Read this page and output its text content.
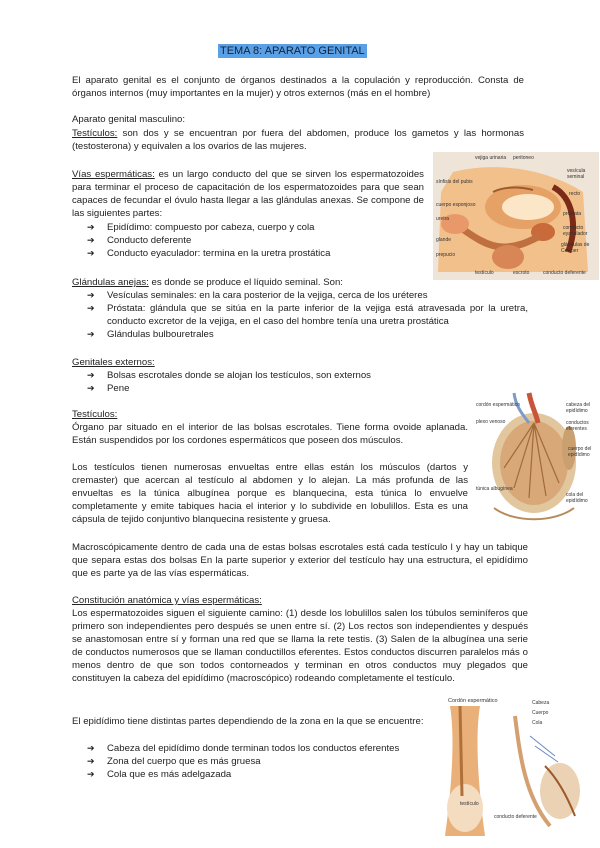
TEMA 8: APARATO GENITAL

El aparato genital es el conjunto de órganos destinados a la copulación y reproducción. Consta de órganos internos (muy importantes en la mujer) y otros externos (más en el hombre)

Aparato genital masculino:

Testículos: son dos y se encuentran por fuera del abdomen, produce los gametos y las hormonas (testosterona) y equivalen a los ovarios de las mujeres.

Vías espermáticas: es un largo conducto del que se sirven los espermatozoides para terminar el proceso de capacitación de los espermatozoides para que sean capaces de fecundar el óvulo hasta llegar a las glándulas anexas. Se compone de las siguientes partes:

➔ Epidídimo: compuesto por cabeza, cuerpo y cola
➔ Conducto deferente
➔ Conducto eyaculador: termina en la uretra prostática

Glándulas anejas: es donde se produce el líquido seminal. Son:

➔ Vesículas seminales: en la cara posterior de la vejiga, cerca de los uréteres
➔ Próstata: glándula que se sitúa en la parte inferior de la vejiga está atravesada por la uretra, conducto excretor de la vejiga, en el caso del hombre tenía una uretra prostática
➔ Glándulas bulbouretrales

Genitales externos:

➔ Bolsas escrotales donde se alojan los testículos, son externos
➔ Pene

Testículos:

Órgano par situado en el interior de las bolsas escrotales. Tiene forma ovoide aplanada. Están suspendidos por los cordones espermáticos que poseen dos músculos.

Los testículos tienen numerosas envueltas entre ellas están los músculos (dartos y cremaster) que acercan al testículo al abdomen y lo alejan. La más profunda de las envueltas es la túnica albugínea porque es blanquecina, esta túnica lo envuelve completamente y emite tabiques hacia el interior y lo subdivide en lobulillos. Esta es una cápsula de tejido conjuntivo blanquecina resistente y gruesa.

Macroscópicamente dentro de cada una de estas bolsas escrotales está cada testículo l y hay un tabique que separa estas dos bolsas En la parte superior y exterior del testículo hay una estructura, el epidídimo que es parte ya de las vías espermáticas.

Constitución anatómica y vías espermáticas:

Los espermatozoides siguen el siguiente camino: (1) desde los lobulillos salen los túbulos seminíferos que primero son independientes pero después se unen entre sí. (2) Los rectos son independientes y después se anastomosan entre sí y forman una red que se llama la rete testis. (3) Salen de la albugínea una serie de conductos numerosos que se llaman conductillos eferentes. Estos conductos discurren paralelos más o menos dentro de que son todos contorneados y terminan en otros conductos muy plegados que constituyen la cabeza del epidídimo (macroscópico) rodeando completamente el testículo.

El epidídimo tiene distintas partes dependiendo de la zona en la que se encuentre:

➔ Cabeza del epidídimo donde terminan todos los conductos eferentes
➔ Zona del cuerpo que es más gruesa
➔ Cola que es más adelgazada
vejiga urinaria peritoneo
vesícula seminal
recto
próstata
conducto eyaculador
glándulas de Cowper
sínfisis del pubis
cuerpo esponjoso
uretra
glande
prepucio
testículo	escroto	conducto deferente
cordón espermático
plexo venoso
cabeza del epidídimo
conductos eferentes
cuerpo del epidídimo
túnica albugínea
cola del epidídimo
Cordón espermático	Cabeza
Cuerpo
Cola
testículo
conducto deferente
